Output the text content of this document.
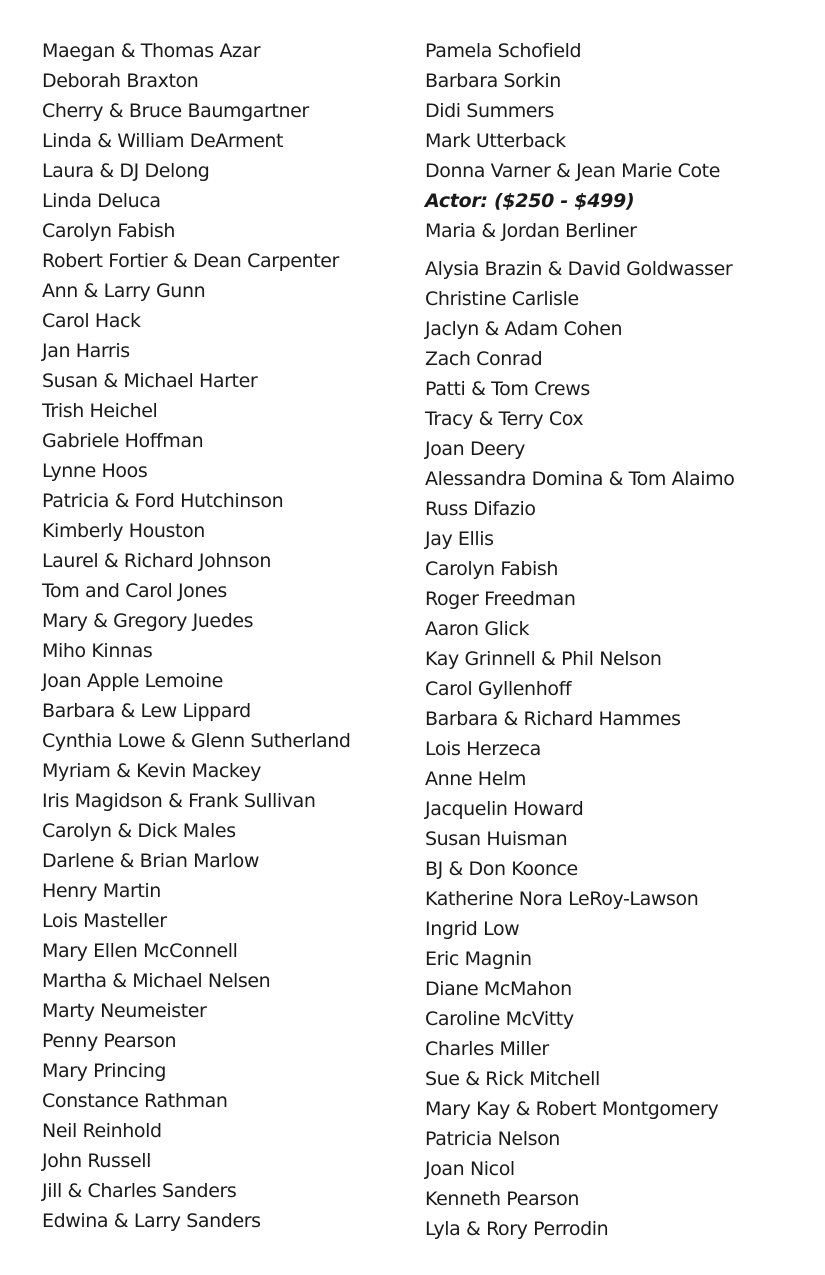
Maegan & Thomas Azar
Deborah Braxton
Cherry & Bruce Baumgartner
Linda & William DeArment
Laura & DJ Delong
Linda Deluca
Carolyn Fabish
Robert Fortier & Dean Carpenter
Ann & Larry Gunn
Carol Hack
Jan Harris
Susan & Michael Harter
Trish Heichel
Gabriele Hoffman
Lynne Hoos
Patricia & Ford Hutchinson
Kimberly Houston
Laurel & Richard Johnson
Tom and Carol Jones
Mary & Gregory Juedes
Miho Kinnas
Joan Apple Lemoine
Barbara & Lew Lippard
Cynthia Lowe & Glenn Sutherland
Myriam & Kevin Mackey
Iris Magidson & Frank Sullivan
Carolyn & Dick Males
Darlene & Brian Marlow
Henry Martin
Lois Masteller
Mary Ellen McConnell
Martha & Michael Nelsen
Marty Neumeister
Penny Pearson
Mary Princing
Constance Rathman
Neil Reinhold
John Russell
Jill & Charles Sanders
Edwina & Larry Sanders
Pamela Schofield
Barbara Sorkin
Didi Summers
Mark Utterback
Donna Varner & Jean Marie Cote
Actor: ($250 - $499)
Maria & Jordan Berliner
Alysia Brazin & David Goldwasser
Christine Carlisle
Jaclyn & Adam Cohen
Zach Conrad
Patti & Tom Crews
Tracy & Terry Cox
Joan Deery
Alessandra Domina & Tom Alaimo
Russ Difazio
Jay Ellis
Carolyn Fabish
Roger Freedman
Aaron Glick
Kay Grinnell & Phil Nelson
Carol Gyllenhoff
Barbara & Richard Hammes
Lois Herzeca
Anne Helm
Jacquelin Howard
Susan Huisman
BJ & Don Koonce
Katherine Nora LeRoy-Lawson
Ingrid Low
Eric Magnin
Diane McMahon
Caroline McVitty
Charles Miller
Sue & Rick Mitchell
Mary Kay & Robert Montgomery
Patricia Nelson
Joan Nicol
Kenneth Pearson
Lyla & Rory Perrodin
